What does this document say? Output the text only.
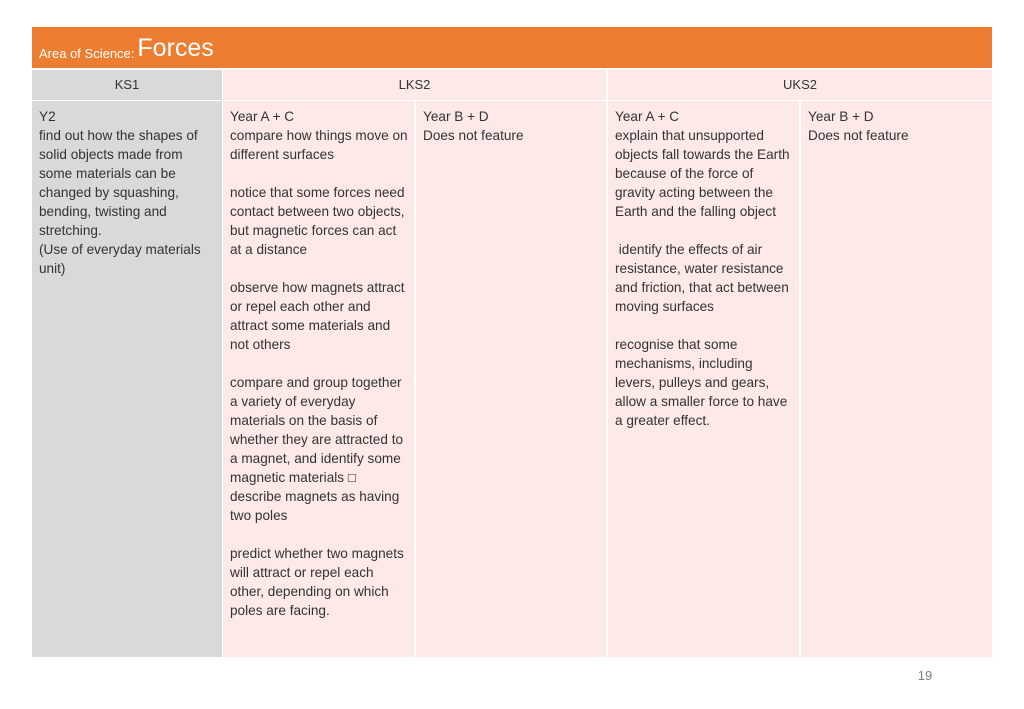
Area of Science: Forces
KS1	LKS2	UKS2
Y2
find out how the shapes of solid objects made from some materials can be changed by squashing, bending, twisting and stretching.
(Use of everyday materials unit)
Year A + C
compare how things move on different surfaces

notice that some forces need contact between two objects, but magnetic forces can act at a distance

observe how magnets attract or repel each other and attract some materials and not others

compare and group together a variety of everyday materials on the basis of whether they are attracted to a magnet, and identify some magnetic materials □ describe magnets as having two poles

predict whether two magnets will attract or repel each other, depending on which poles are facing.
Year B + D
Does not feature
Year A + C
explain that unsupported objects fall towards the Earth because of the force of gravity acting between the Earth and the falling object

identify the effects of air resistance, water resistance and friction, that act between moving surfaces

recognise that some mechanisms, including levers, pulleys and gears, allow a smaller force to have a greater effect.
Year B + D
Does not feature
19
